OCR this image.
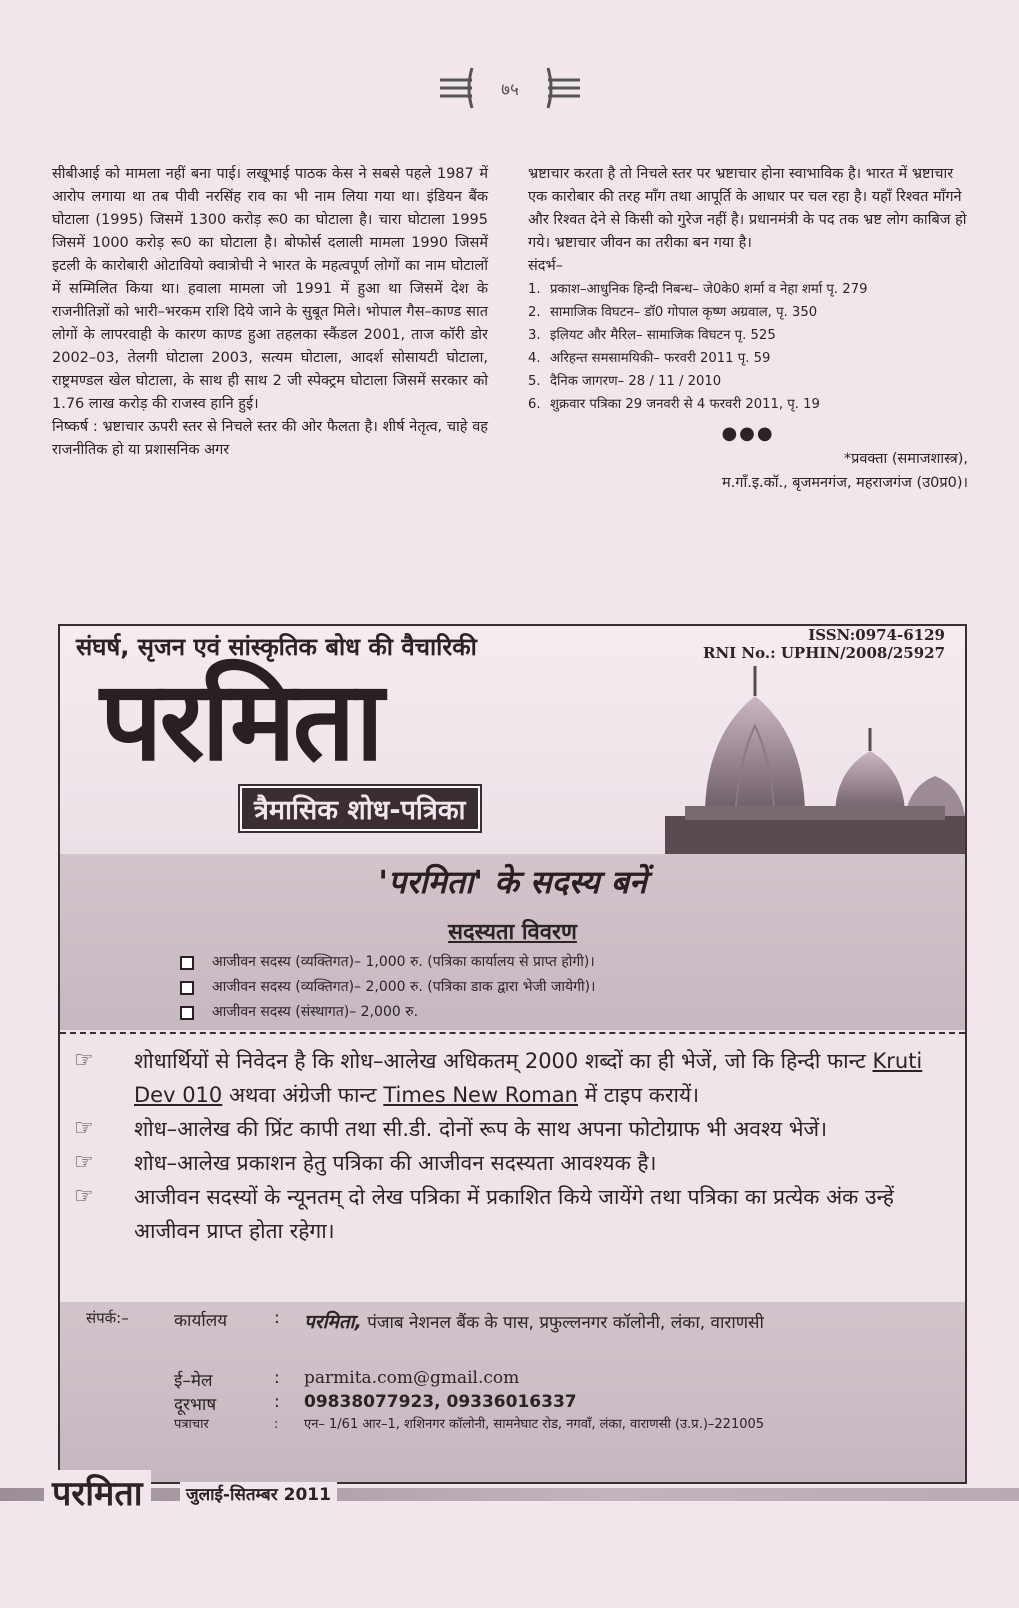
७५

सीबीआई को मामला नहीं बना पाई। लखूभाई पाठक केस ने सबसे पहले 1987 में आरोप लगाया था तब पीवी नरसिंह राव का भी नाम लिया गया था। इंडियन बैंक घोटाला (1995) जिसमें 1300 करोड़ रू0 का घोटाला है। चारा घोटाला 1995 जिसमें 1000 करोड़ रू0 का घोटाला है। बोफोर्स दलाली मामला 1990 जिसमें इटली के कारोबारी ओटावियो क्वात्रोची ने भारत के महत्वपूर्ण लोगों का नाम घोटालों में सम्मिलित किया था। हवाला मामला जो 1991 में हुआ था जिसमें देश के राजनीतिज्ञों को भारी–भरकम राशि दिये जाने के सुबूत मिले। भोपाल गैस–काण्ड सात लोगों के लापरवाही के कारण काण्ड हुआ तहलका स्कैंडल 2001, ताज कॉरी डोर 2002–03, तेलगी घोटाला 2003, सत्यम घोटाला, आदर्श सोसायटी घोटाला, राष्ट्रमण्डल खेल घोटाला, के साथ ही साथ 2 जी स्पेक्ट्रम घोटाला जिसमें सरकार को 1.76 लाख करोड़ की राजस्व हानि हुई।

निष्कर्ष : भ्रष्टाचार ऊपरी स्तर से निचले स्तर की ओर फैलता है। शीर्ष नेतृत्व, चाहे वह राजनीतिक हो या प्रशासनिक अगर

भ्रष्टाचार करता है तो निचले स्तर पर भ्रष्टाचार होना स्वाभाविक है। भारत में भ्रष्टाचार एक कारोबार की तरह माँग तथा आपूर्ति के आधार पर चल रहा है। यहाँ रिश्वत माँगने और रिश्वत देने से किसी को गुरेज नहीं है। प्रधानमंत्री के पद तक भ्रष्ट लोग काबिज हो गये। भ्रष्टाचार जीवन का तरीका बन गया है।

संदर्भ–

1. प्रकाश–आधुनिक हिन्दी निबन्ध– जे0के0 शर्मा व नेहा शर्मा पृ. 279
2. सामाजिक विघटन– डॉ0 गोपाल कृष्ण अग्रवाल, पृ. 350
3. इलियट और मैरिल– सामाजिक विघटन पृ. 525
4. अरिहन्त समसामयिकी– फरवरी 2011 पृ. 59
5. दैनिक जागरण– 28 / 11 / 2010
6. शुक्रवार पत्रिका 29 जनवरी से 4 फरवरी 2011, पृ. 19
●●●
*प्रवक्ता (समाजशास्त्र),
म.गाँ.इ.कॉ., बृजमनगंज, महराजगंज (उ0प्र0)।
संघर्ष, सृजन एवं सांस्कृतिक बोध की वैचारिकी	ISSN:0974-6129
RNI No.: UPHIN/2008/25927
परमिता
त्रैमासिक शोध-पत्रिका
'परमिता' के सदस्य बनें
सदस्यता विवरण
आजीवन सदस्य (व्यक्तिगत)– 1,000 रु. (पत्रिका कार्यालय से प्राप्त होगी)।
आजीवन सदस्य (व्यक्तिगत)– 2,000 रु. (पत्रिका डाक द्वारा भेजी जायेगी)।
आजीवन सदस्य (संस्थागत)– 2,000 रु.
☞	शोधार्थियों से निवेदन है कि शोध–आलेख अधिकतम् 2000 शब्दों का ही भेजें, जो कि हिन्दी फान्ट Kruti Dev 010 अथवा अंग्रेजी फान्ट Times New Roman में टाइप करायें।
☞	शोध–आलेख की प्रिंट कापी तथा सी.डी. दोनों रूप के साथ अपना फोटोग्राफ भी अवश्य भेजें।
☞	शोध–आलेख प्रकाशन हेतु पत्रिका की आजीवन सदस्यता आवश्यक है।
☞	आजीवन सदस्यों के न्यूनतम् दो लेख पत्रिका में प्रकाशित किये जायेंगे तथा पत्रिका का प्रत्येक अंक उन्हें आजीवन प्राप्त होता रहेगा।
संपर्क:–	कार्यालय	:	परमिता, पंजाब नेशनल बैंक के पास, प्रफुल्लनगर कॉलोनी, लंका, वाराणसी
ई–मेल	:	parmita.com@gmail.com
दूरभाष	:	09838077923, 09336016337
पत्राचार	:	एन– 1/61 आर–1, शशिनगर कॉलोनी, सामनेघाट रोड, नगवाँ, लंका, वाराणसी (उ.प्र.)–221005
परमिता	जुलाई-सितम्बर 2011
